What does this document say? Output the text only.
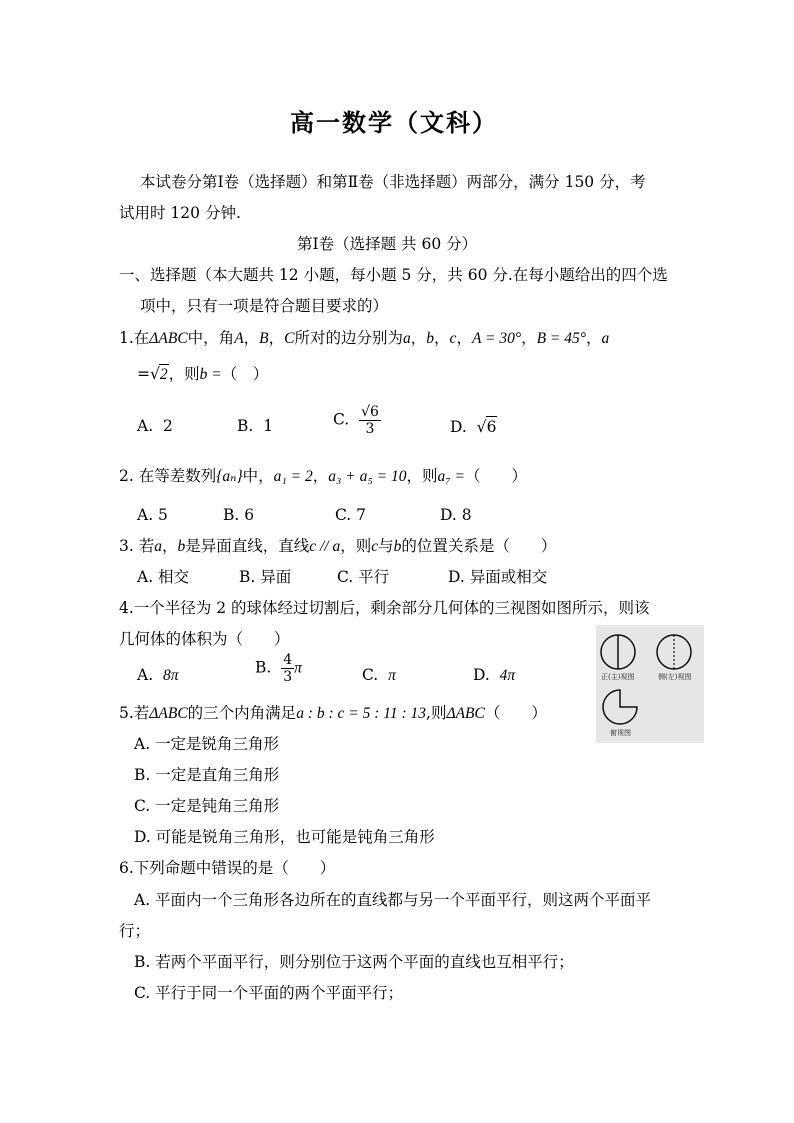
高一数学（文科）
本试卷分第Ⅰ卷（选择题）和第Ⅱ卷（非选择题）两部分，满分 150 分，考
试用时 120 分钟.
第Ⅰ卷（选择题 共 60 分）
一、选择题（本大题共 12 小题，每小题 5 分，共 60 分.在每小题给出的四个选
项中，只有一项是符合题目要求的）
1.在ΔABC中，角A，B，C所对的边分别为a，b，c，A = 30°，B = 45°，a
=√2，则b =（　）
A. 2	B. 1	C. $\frac{√6}{3}$	D. √6
2. 在等差数列{aₙ}中，a₁ = 2，a₃ + a₅ = 10，则a₇ =（　　）
A. 5	B. 6	C. 7	D. 8
3. 若a，b是异面直线，直线c // a，则c与b的位置关系是（　　）
A. 相交	B. 异面	C. 平行	D. 异面或相交
4.一个半径为 2 的球体经过切割后，剩余部分几何体的三视图如图所示，则该
几何体的体积为（　　）
A. 8π	B. $\frac{4}{3}$ π	C. π	D. 4π	正(主)视图	侧(左)视图
俯视图
5.若ΔABC的三个内角满足a : b : c = 5 : 11 : 13,则ΔABC（　　）
A. 一定是锐角三角形
B. 一定是直角三角形
C. 一定是钝角三角形
D. 可能是锐角三角形，也可能是钝角三角形
6.下列命题中错误的是（　　）
A. 平面内一个三角形各边所在的直线都与另一个平面平行，则这两个平面平
行；
B. 若两个平面平行，则分别位于这两个平面的直线也互相平行；
C. 平行于同一个平面的两个平面平行；
